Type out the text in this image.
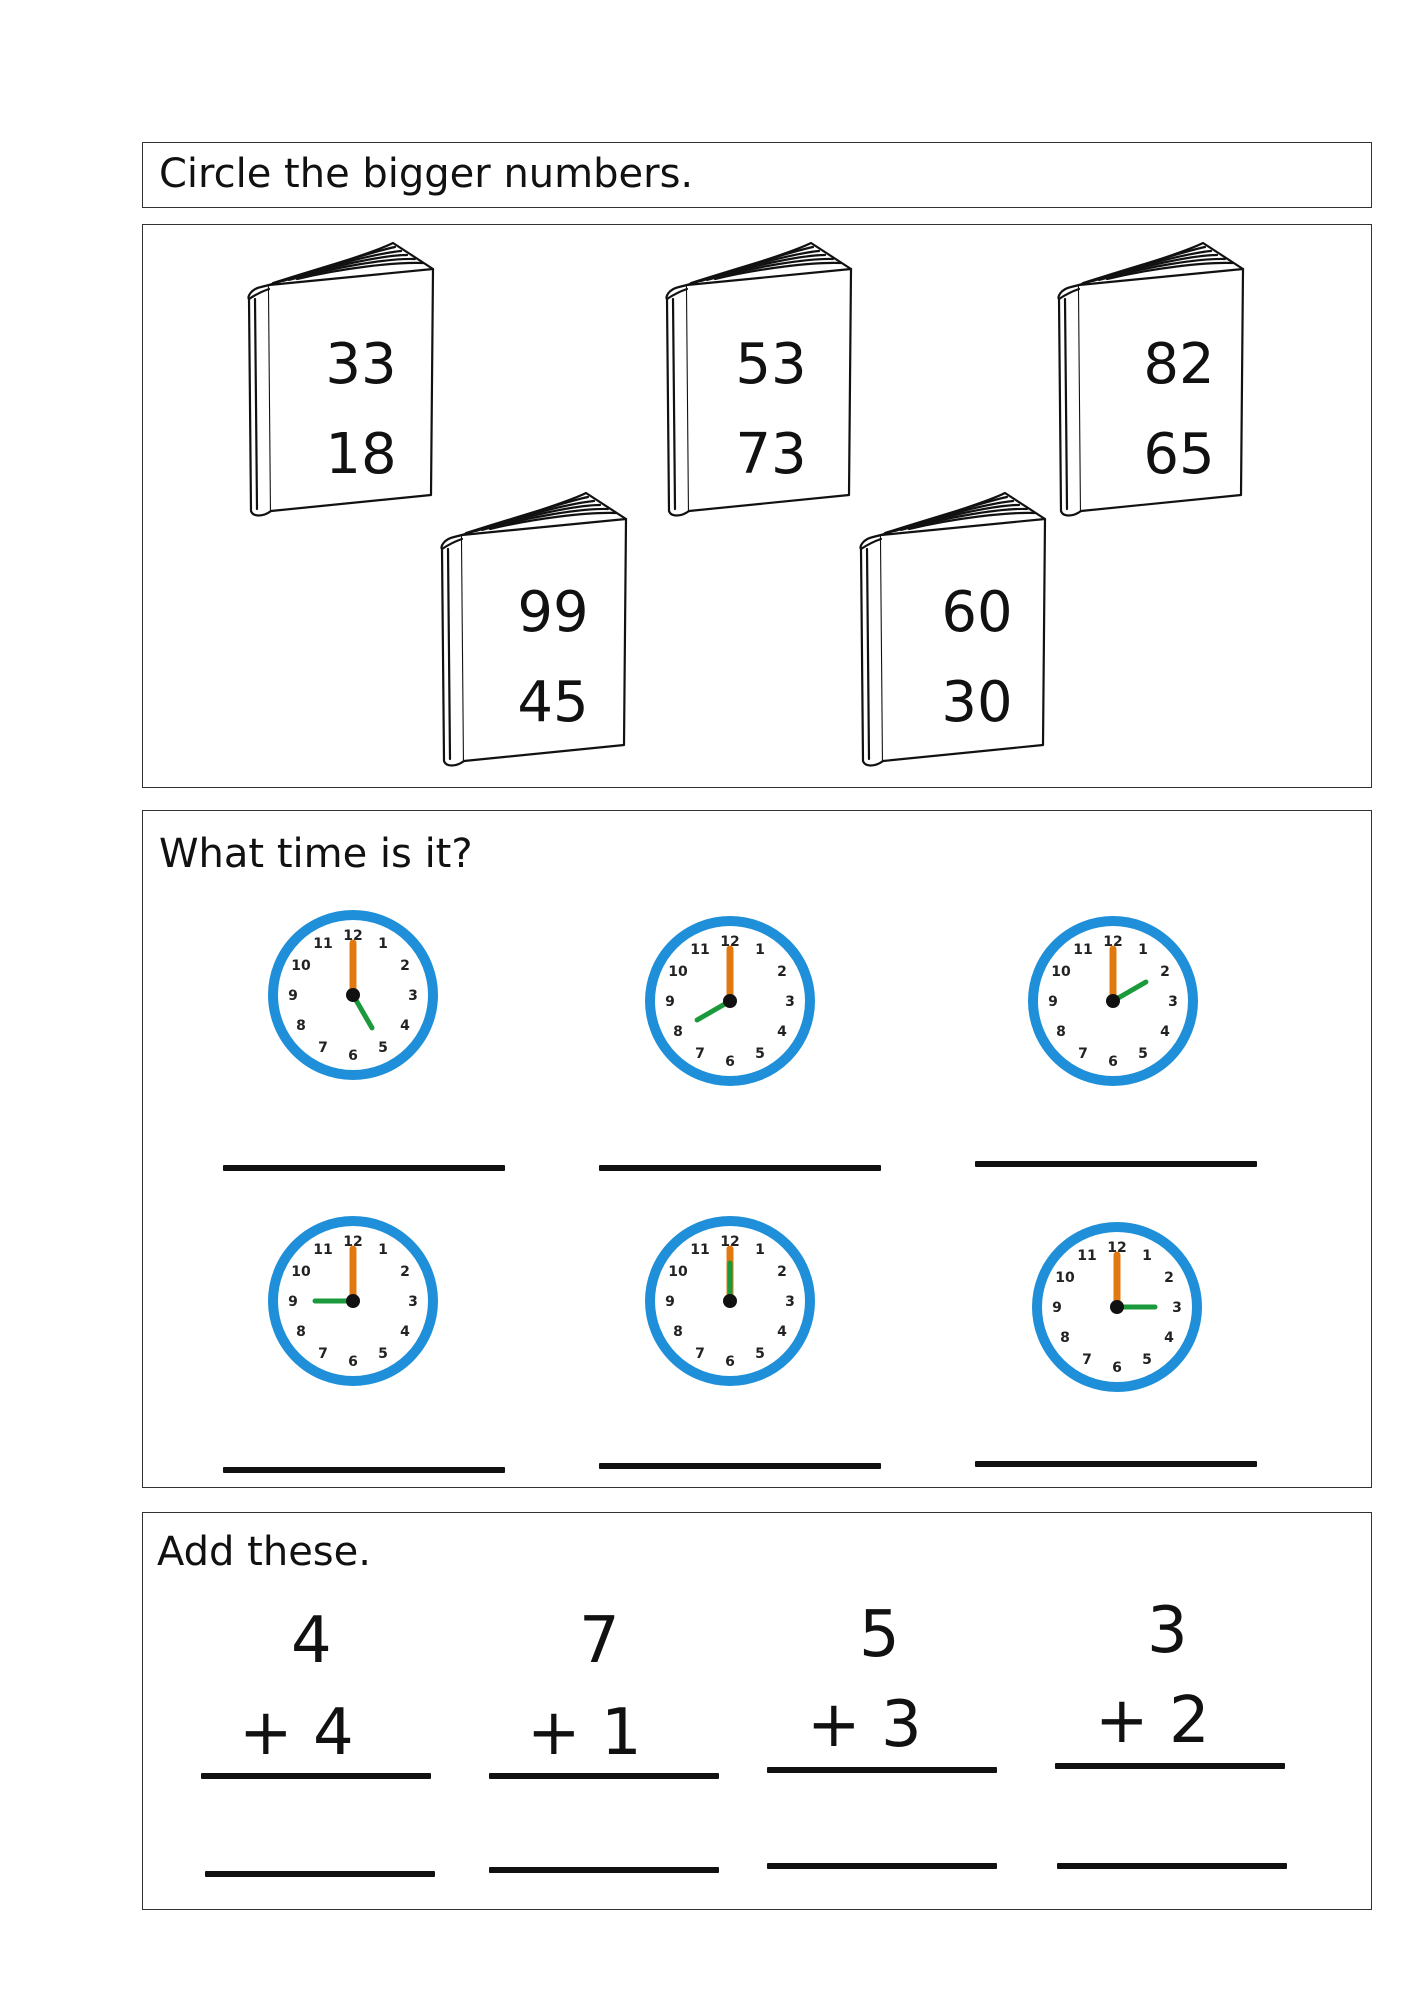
Circle the bigger numbers.
33
18
53
73
82
65
99
45
60
30
What time is it?
12
1
2
3
4
5
6
7
8
9
10
11	12
1
2
3
4
5
6
7
8
9
10
11
12
1
2
3
4
5
6
7
8
9
10
11
12
1
2
3
4
5
6
7
8
9
10
11
12
1
2
3
4
5
6
7
8
9
10
11	12
1
2
3
4
5
6
7
8
9
10
11
Add these.
4
+ 4
7
+ 1
5
+ 3
3
+ 2
